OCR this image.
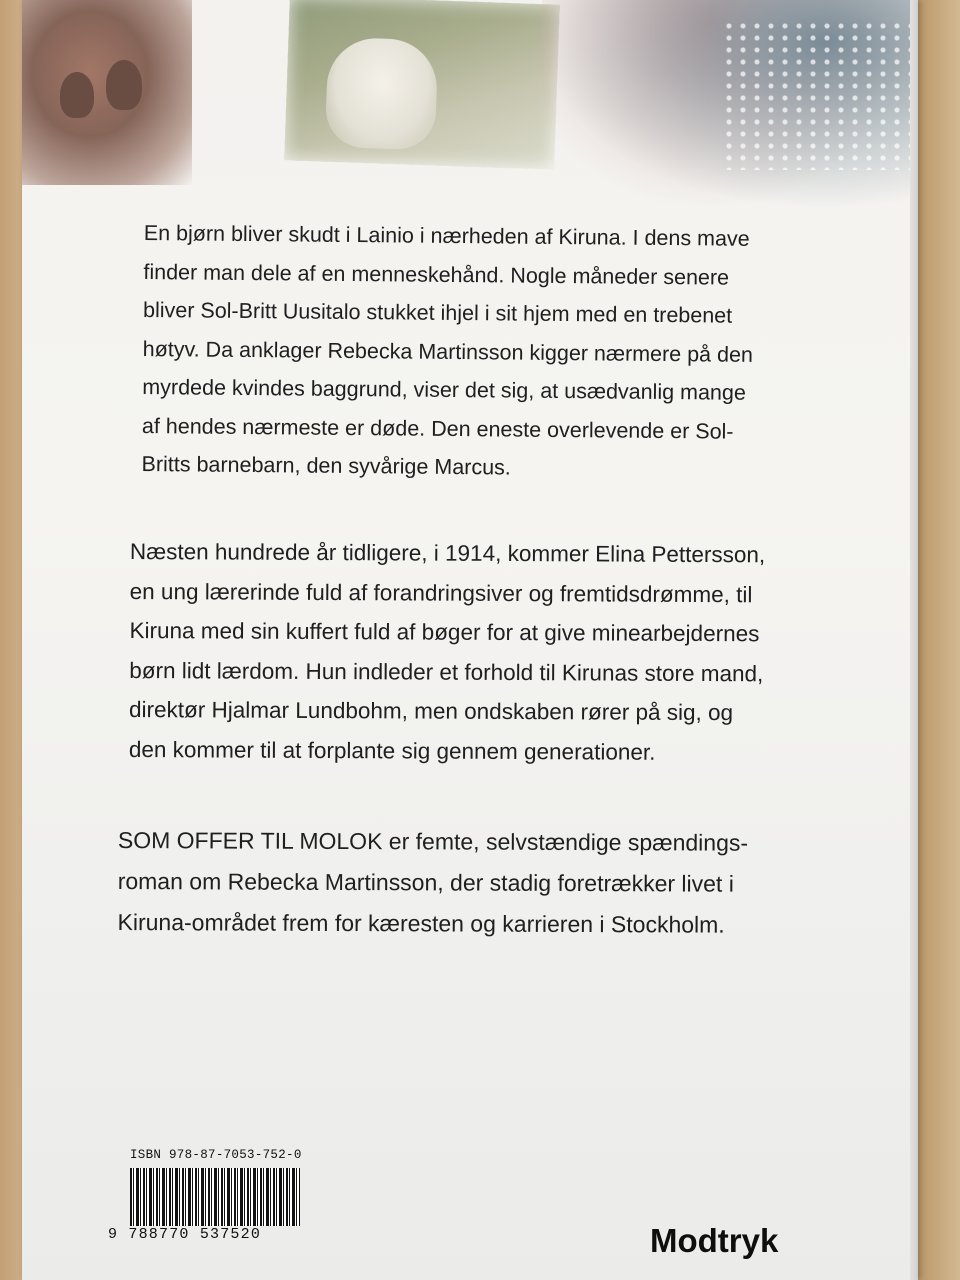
En bjørn bliver skudt i Lainio i nærheden af Kiruna. I dens mave
finder man dele af en menneskehånd. Nogle måneder senere
bliver Sol-Britt Uusitalo stukket ihjel i sit hjem med en trebenet
høtyv. Da anklager Rebecka Martinsson kigger nærmere på den
myrdede kvindes baggrund, viser det sig, at usædvanlig mange
af hendes nærmeste er døde. Den eneste overlevende er Sol-
Britts barnebarn, den syvårige Marcus.
Næsten hundrede år tidligere, i 1914, kommer Elina Pettersson,
en ung lærerinde fuld af forandringsiver og fremtidsdrømme, til
Kiruna med sin kuffert fuld af bøger for at give minearbejdernes
børn lidt lærdom. Hun indleder et forhold til Kirunas store mand,
direktør Hjalmar Lundbohm, men ondskaben rører på sig, og
den kommer til at forplante sig gennem generationer.
SOM OFFER TIL MOLOK er femte, selvstændige spændings-
roman om Rebecka Martinsson, der stadig foretrækker livet i
Kiruna-området frem for kæresten og karrieren i Stockholm.
ISBN 978-87-7053-752-0
9 788770 537520	Modtryk
